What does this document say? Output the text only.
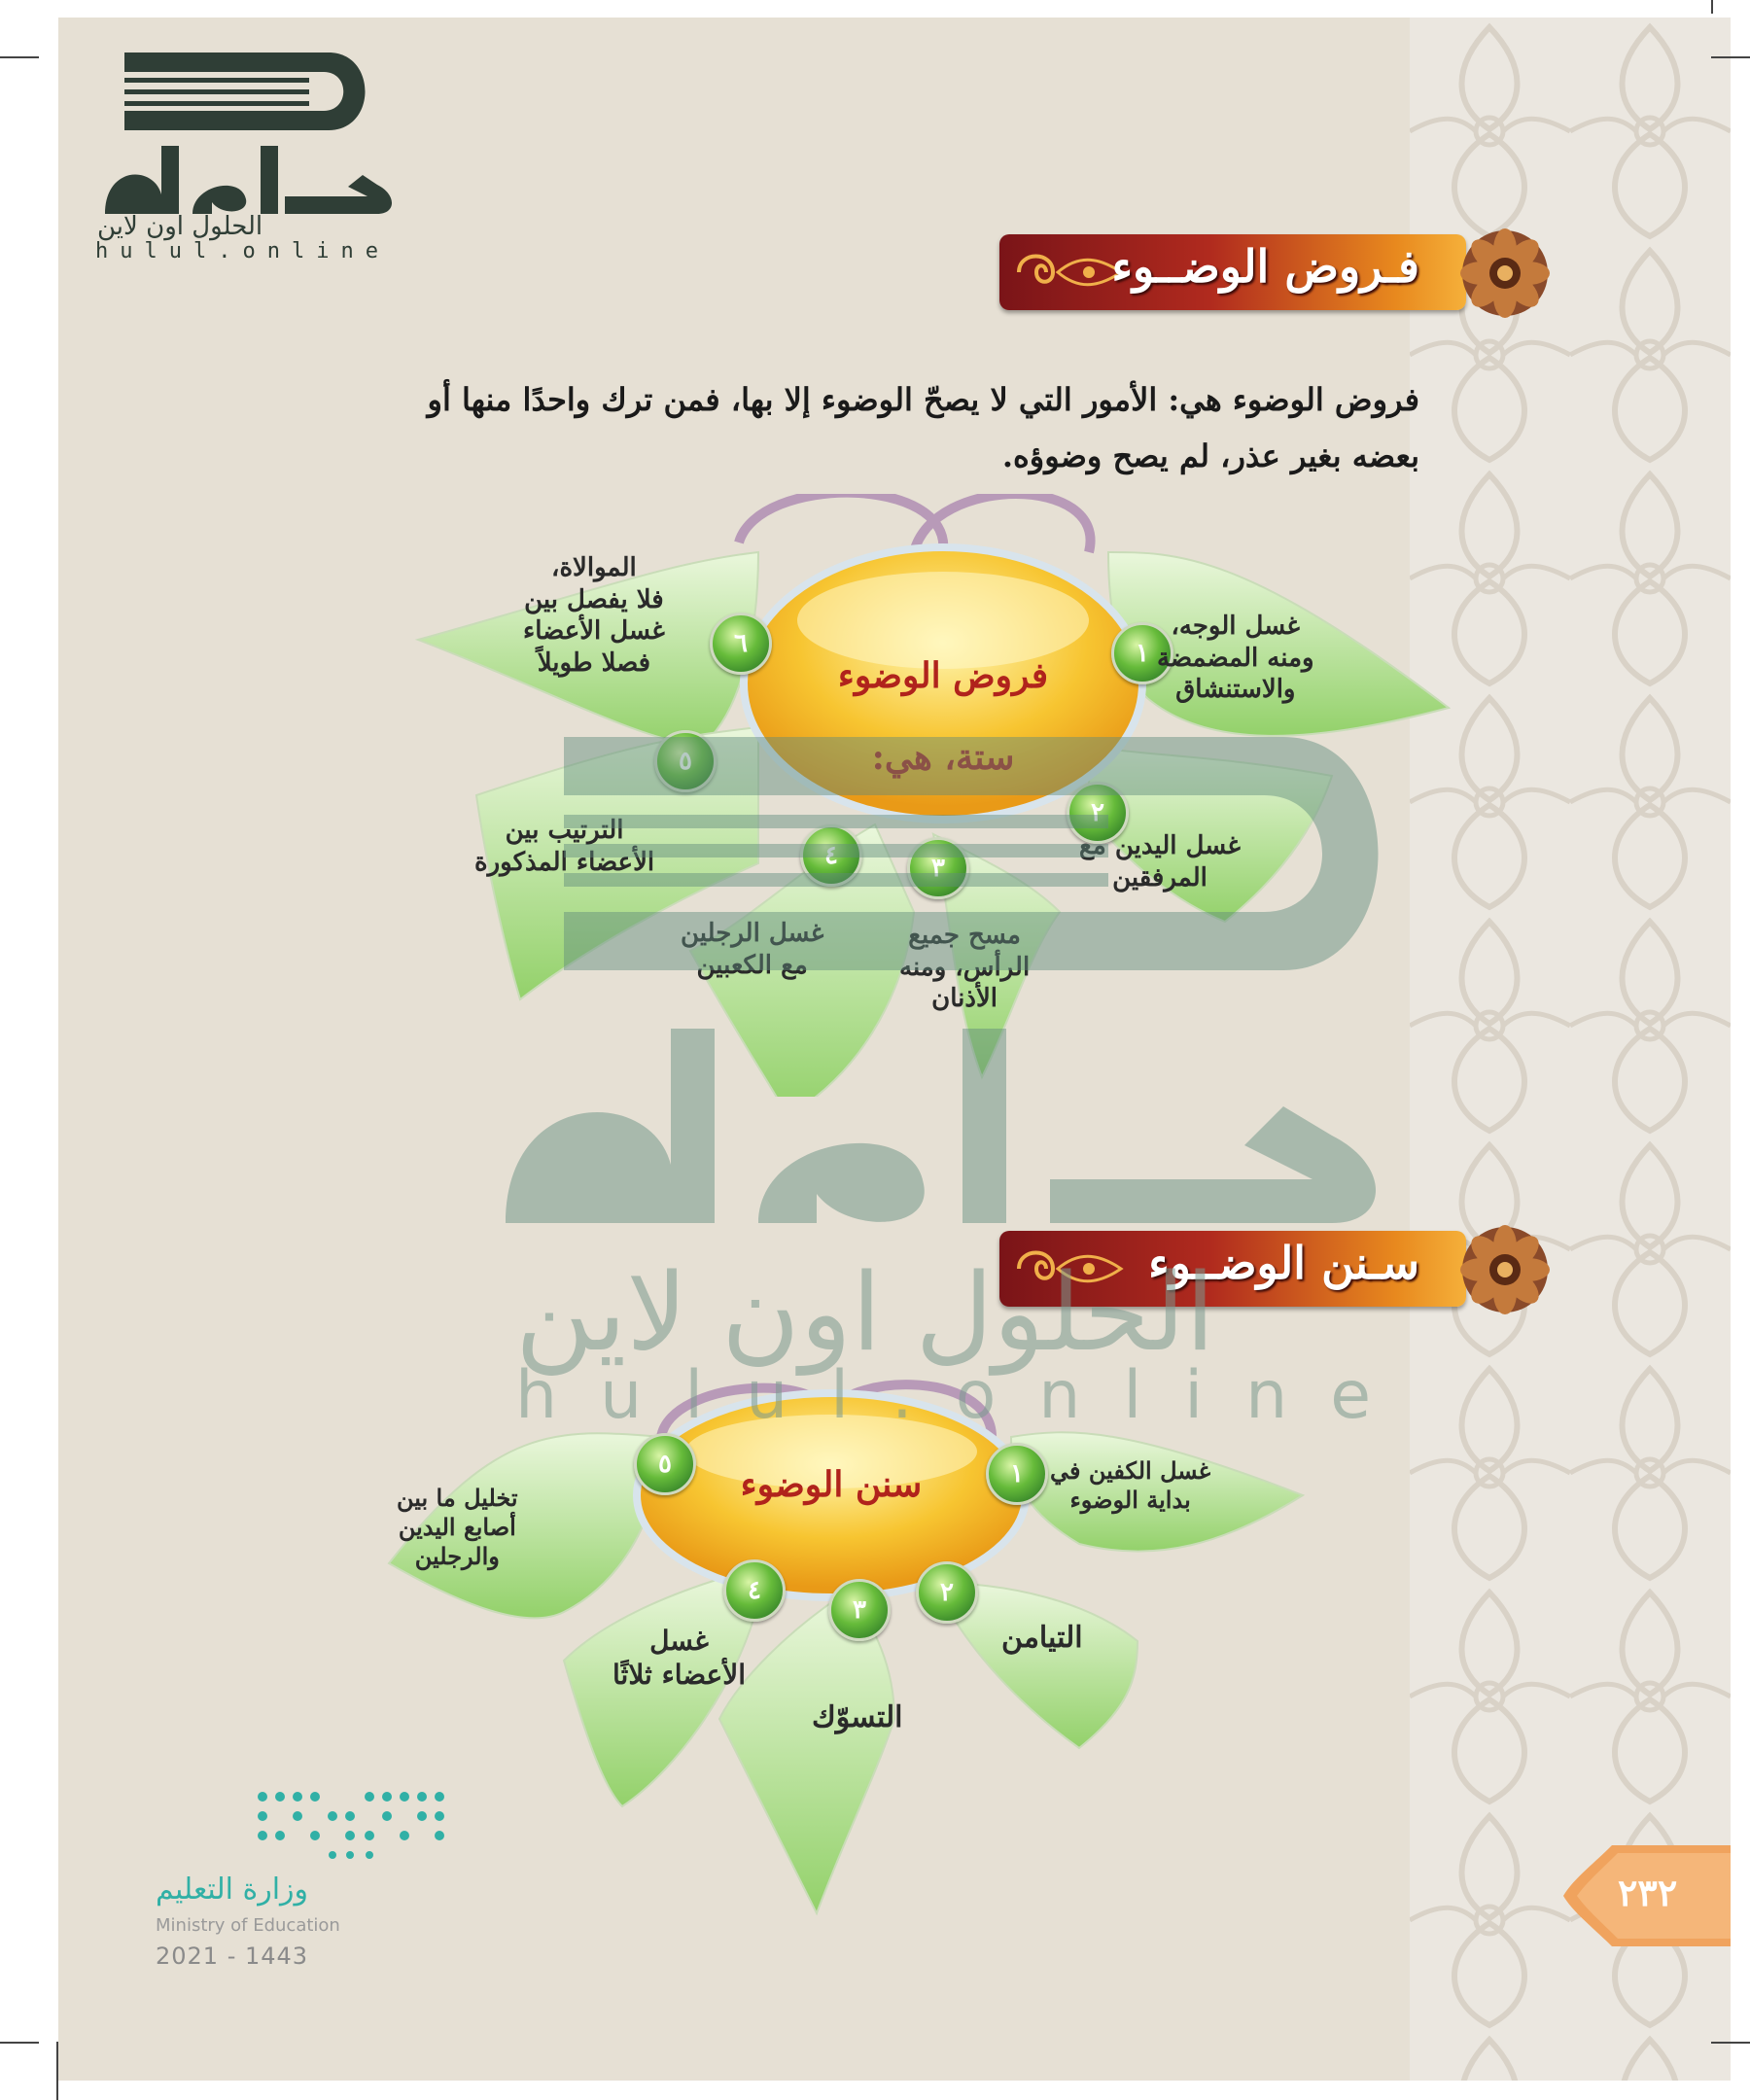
الحلول اون لاين
hulul.online	فـروض الوضــوء

فروض الوضوء هي: الأمور التي لا يصحّ الوضوء إلا بها، فمن ترك واحدًا منها أو

بعضه بغير عذر، لم يصح وضوؤه.

فروض الوضوء
ستة، هي:
١
٢
٣
٤
٥
٦
غسل الوجه،
ومنه المضمضة
والاستنشاق
غسل اليدين مع
المرفقين
مسح جميع
الرأس، ومنه
الأذنان
غسل الرجلين
مع الكعبين
الترتيب بين
الأعضاء المذكورة
الموالاة،
فلا يفصل بين
غسل الأعضاء
فصلا طويلاً
سـنن الوضــوء
سنن الوضوء	١
٢
٣
٤
٥	غسل الكفين في
بداية الوضوء
التيامن
التسوّك
غسل
الأعضاء ثلاثًا
تخليل ما بين
أصابع اليدين
والرجلين
الحلول اون لاين
hulul.online
وزارة التعليم
Ministry of Education
2021 - 1443
٢٣٢
